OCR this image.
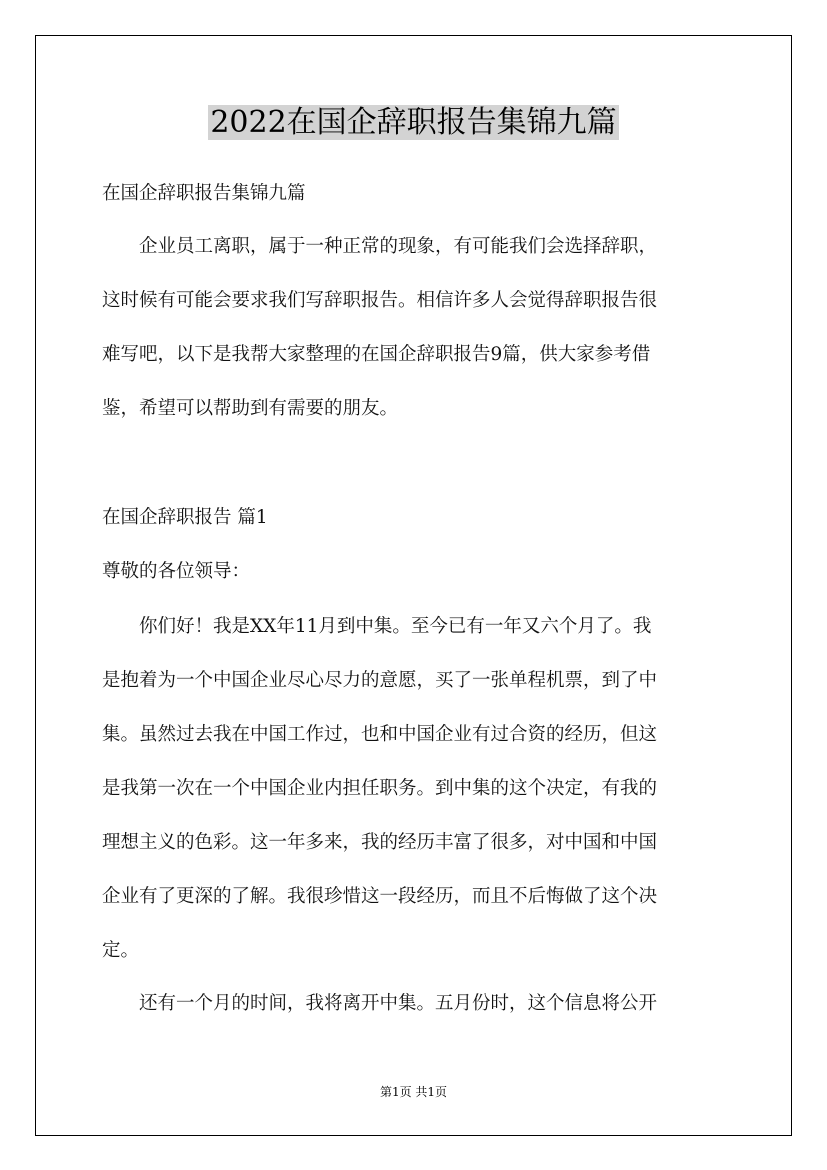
2022在国企辞职报告集锦九篇
在国企辞职报告集锦九篇
　　企业员工离职，属于一种正常的现象，有可能我们会选择辞职，
这时候有可能会要求我们写辞职报告。相信许多人会觉得辞职报告很
难写吧，以下是我帮大家整理的在国企辞职报告9篇，供大家参考借
鉴，希望可以帮助到有需要的朋友。
在国企辞职报告 篇1
尊敬的各位领导：
　　你们好！我是XX年11月到中集。至今已有一年又六个月了。我
是抱着为一个中国企业尽心尽力的意愿，买了一张单程机票，到了中
集。虽然过去我在中国工作过，也和中国企业有过合资的经历，但这
是我第一次在一个中国企业内担任职务。到中集的这个决定，有我的
理想主义的色彩。这一年多来，我的经历丰富了很多，对中国和中国
企业有了更深的了解。我很珍惜这一段经历，而且不后悔做了这个决
定。
　　还有一个月的时间，我将离开中集。五月份时，这个信息将公开
第1页 共1页
